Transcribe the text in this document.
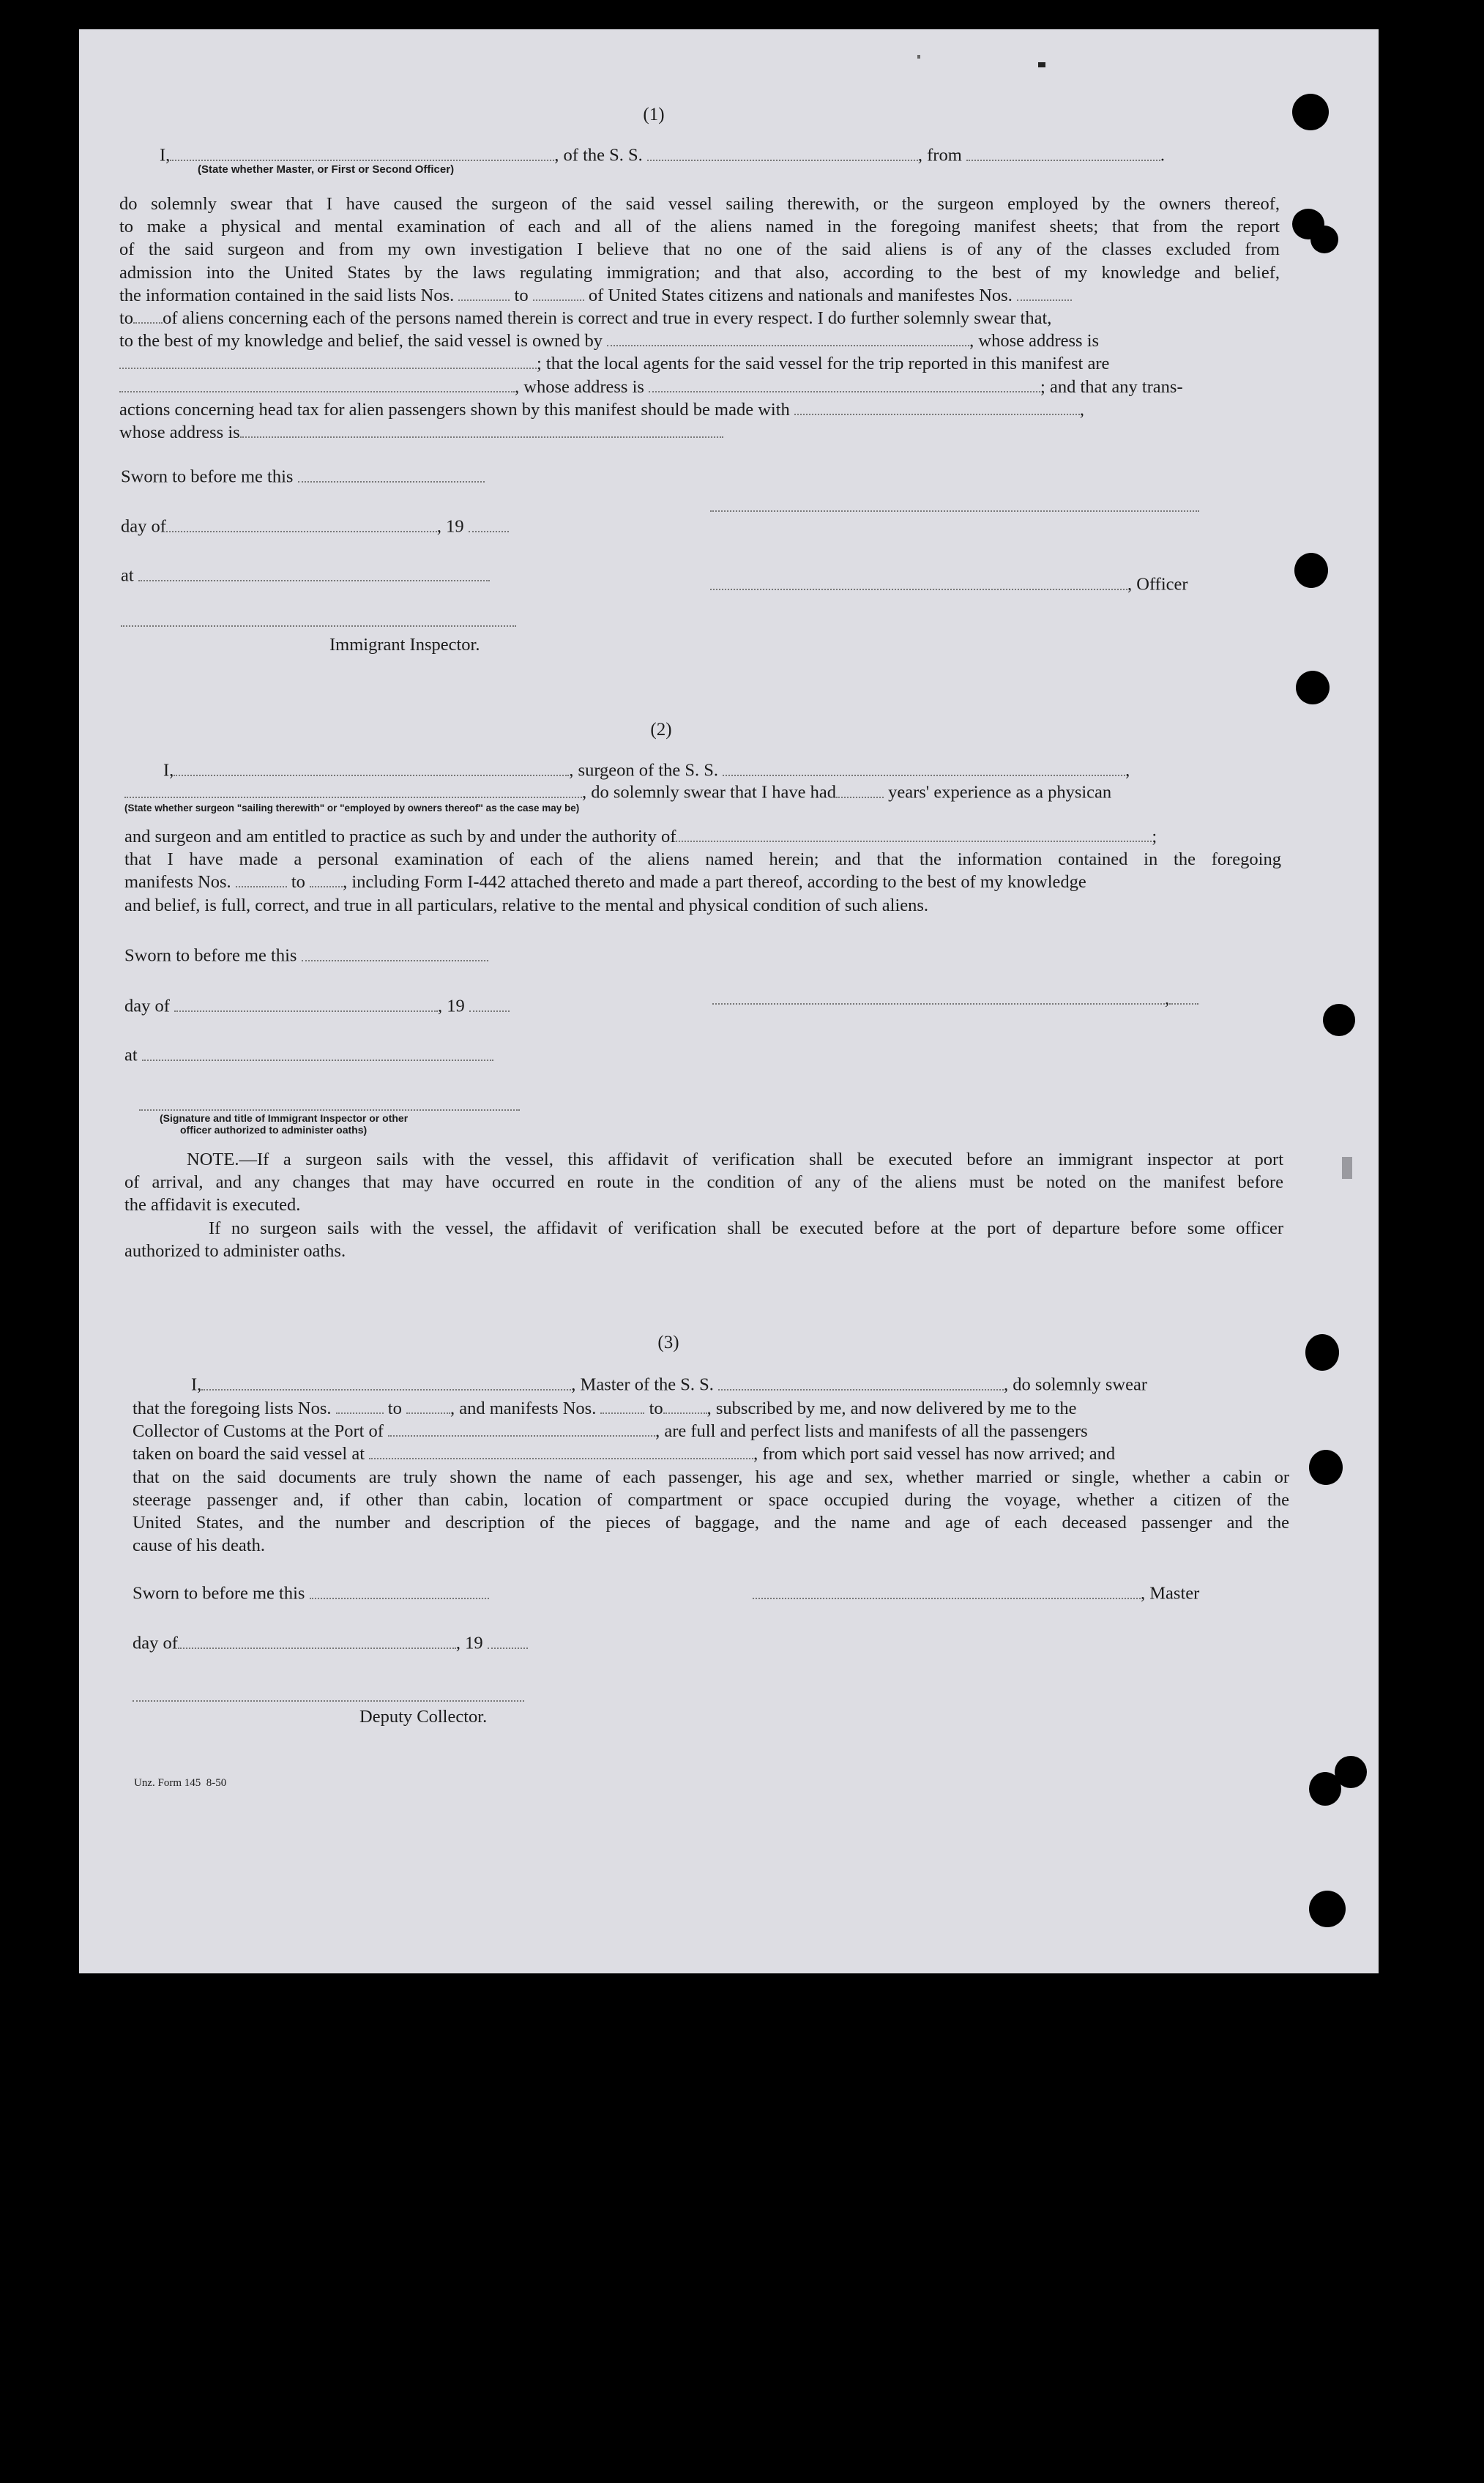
(1)
I,	, of the S. S.	, from	.
(State whether Master, or First or Second Officer)
do solemnly swear that I have caused the surgeon of the said vessel sailing therewith, or the surgeon employed by the owners thereof,
to make a physical and mental examination of each and all of the aliens named in the foregoing manifest sheets; that from the report
of the said surgeon and from my own investigation I believe that no one of the said aliens is of any of the classes excluded from
admission into the United States by the laws regulating immigration; and that also, according to the best of my knowledge and belief,
the information contained in the said lists Nos.	to	of United States citizens and nationals and manifestes Nos.
to of aliens concerning each of the persons named therein is correct and true in every respect. I do further solemnly swear that,
to the best of my knowledge and belief, the said vessel is owned by	, whose address is
; that the local agents for the said vessel for the trip reported in this manifest are
, whose address is	; and that any trans-
actions concerning head tax for alien passengers shown by this manifest should be made with	,
whose address is
Sworn to before me this
day of	, 19
at	, Officer
Immigrant Inspector.
(2)
I,	, surgeon of the S. S.	,
, do solemnly swear that I have had	years' experience as a physican
(State whether surgeon "sailing therewith" or "employed by owners thereof" as the case may be)
and surgeon and am entitled to practice as such by and under the authority of	;
that I have made a personal examination of each of the aliens named herein; and that the information contained in the foregoing
manifests Nos.	to , including Form I-442 attached thereto and made a part thereof, according to the best of my knowledge
and belief, is full, correct, and true in all particulars, relative to the mental and physical condition of such aliens.
Sworn to before me this
,
day of	, 19
at
(Signature and title of Immigrant Inspector or other
officer authorized to administer oaths)
NOTE.—If a surgeon sails with the vessel, this affidavit of verification shall be executed before an immigrant inspector at port
of arrival, and any changes that may have occurred en route in the condition of any of the aliens must be noted on the manifest before
the affidavit is executed.
If no surgeon sails with the vessel, the affidavit of verification shall be executed before at the port of departure before some officer
authorized to administer oaths.
(3)
I,	, Master of the S. S.	, do solemnly swear
that the foregoing lists Nos.	to	, and manifests Nos.	to , subscribed by me, and now delivered by me to the
Collector of Customs at the Port of	, are full and perfect lists and manifests of all the passengers
taken on board the said vessel at	, from which port said vessel has now arrived; and
that on the said documents are truly shown the name of each passenger, his age and sex, whether married or single, whether a cabin or
steerage passenger and, if other than cabin, location of compartment or space occupied during the voyage, whether a citizen of the
United States, and the number and description of the pieces of baggage, and the name and age of each deceased passenger and the
cause of his death.
Sworn to before me this	, Master
day of	, 19
Deputy Collector.
Unz. Form 145 8-50
